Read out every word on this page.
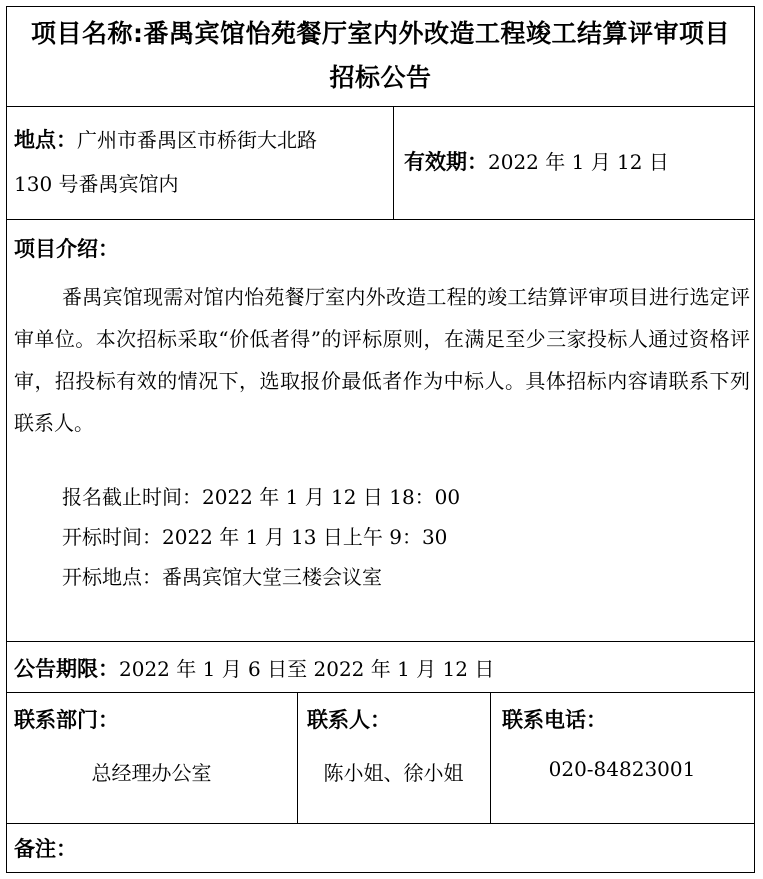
项目名称:番禺宾馆怡苑餐厅室内外改造工程竣工结算评审项目招标公告
地点：广州市番禺区市桥街大北路
130 号番禺宾馆内
有效期：2022 年 1 月 12 日
项目介绍：
番禺宾馆现需对馆内怡苑餐厅室内外改造工程的竣工结算评审项目进行选定评审单位。本次招标采取“价低者得”的评标原则，在满足至少三家投标人通过资格评审，招投标有效的情况下，选取报价最低者作为中标人。具体招标内容请联系下列联系人。
报名截止时间：2022 年 1 月 12 日 18：00
开标时间：2022 年 1 月 13 日上午 9：30
开标地点：番禺宾馆大堂三楼会议室
公告期限：2022 年 1 月 6 日至 2022 年 1 月 12 日
联系部门：	联系人：	联系电话：
总经理办公室	陈小姐、徐小姐	020-84823001
备注：
